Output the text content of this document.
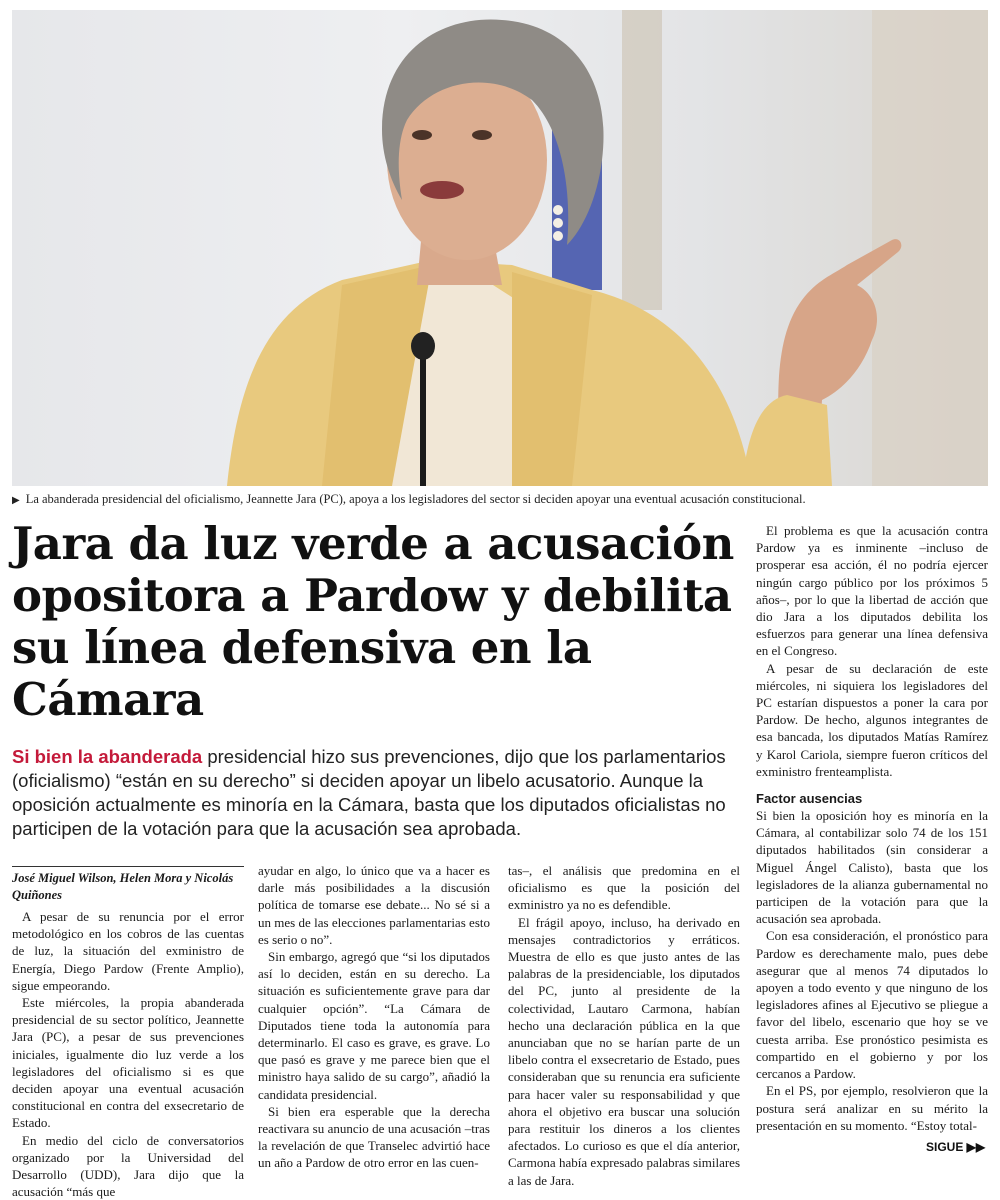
▶ La abanderada presidencial del oficialismo, Jeannette Jara (PC), apoya a los legisladores del sector si deciden apoyar una eventual acusación constitucional.
Jara da luz verde a acusación opositora a Pardow y debilita su línea defensiva en la Cámara

Si bien la abanderada presidencial hizo sus prevenciones, dijo que los parlamentarios (oficialismo) “están en su derecho” si deciden apoyar un libelo acusatorio. Aunque la oposición actualmente es minoría en la Cámara, basta que los diputados oficialistas no participen de la votación para que la acusación sea aprobada.

José Miguel Wilson, Helen Mora y Nicolás Quiñones

A pesar de su renuncia por el error metodológico en los cobros de las cuentas de luz, la situación del exministro de Energía, Diego Pardow (Frente Amplio), sigue empeorando.

Este miércoles, la propia abanderada presidencial de su sector político, Jeannette Jara (PC), a pesar de sus prevenciones iniciales, igualmente dio luz verde a los legisladores del oficialismo si es que deciden apoyar una eventual acusación constitucional en contra del exsecretario de Estado.

En medio del ciclo de conversatorios organizado por la Universidad del Desarrollo (UDD), Jara dijo que la acusación “más que

ayudar en algo, lo único que va a hacer es darle más posibilidades a la discusión política de tomarse ese debate... No sé si a un mes de las elecciones parlamentarias esto es serio o no”.

Sin embargo, agregó que “si los diputados así lo deciden, están en su derecho. La situación es suficientemente grave para dar cualquier opción”. “La Cámara de Diputados tiene toda la autonomía para determinarlo. El caso es grave, es grave. Lo que pasó es grave y me parece bien que el ministro haya salido de su cargo”, añadió la candidata presidencial.

Si bien era esperable que la derecha reactivara su anuncio de una acusación –tras la revelación de que Transelec advirtió hace un año a Pardow de otro error en las cuen-

tas–, el análisis que predomina en el oficialismo es que la posición del exministro ya no es defendible.

El frágil apoyo, incluso, ha derivado en mensajes contradictorios y erráticos. Muestra de ello es que justo antes de las palabras de la presidenciable, los diputados del PC, junto al presidente de la colectividad, Lautaro Carmona, habían hecho una declaración pública en la que anunciaban que no se harían parte de un libelo contra el exsecretario de Estado, pues consideraban que su renuncia era suficiente para hacer valer su responsabilidad y que ahora el objetivo era buscar una solución para restituir los dineros a los clientes afectados. Lo curioso es que el día anterior, Carmona había expresado palabras similares a las de Jara.

El problema es que la acusación contra Pardow ya es inminente –incluso de prosperar esa acción, él no podría ejercer ningún cargo público por los próximos 5 años–, por lo que la libertad de acción que dio Jara a los diputados debilita los esfuerzos para generar una línea defensiva en el Congreso.

A pesar de su declaración de este miércoles, ni siquiera los legisladores del PC estarían dispuestos a poner la cara por Pardow. De hecho, algunos integrantes de esa bancada, los diputados Matías Ramírez y Karol Cariola, siempre fueron críticos del exministro frenteamplista.

Factor ausencias

Si bien la oposición hoy es minoría en la Cámara, al contabilizar solo 74 de los 151 diputados habilitados (sin considerar a Miguel Ángel Calisto), basta que los legisladores de la alianza gubernamental no participen de la votación para que la acusación sea aprobada.

Con esa consideración, el pronóstico para Pardow es derechamente malo, pues debe asegurar que al menos 74 diputados lo apoyen a todo evento y que ninguno de los legisladores afines al Ejecutivo se pliegue a favor del libelo, escenario que hoy se ve cuesta arriba. Ese pronóstico pesimista es compartido en el gobierno y por los cercanos a Pardow.

En el PS, por ejemplo, resolvieron que la postura será analizar en su mérito la presentación en su momento. “Estoy total-

SIGUE ▶▶
